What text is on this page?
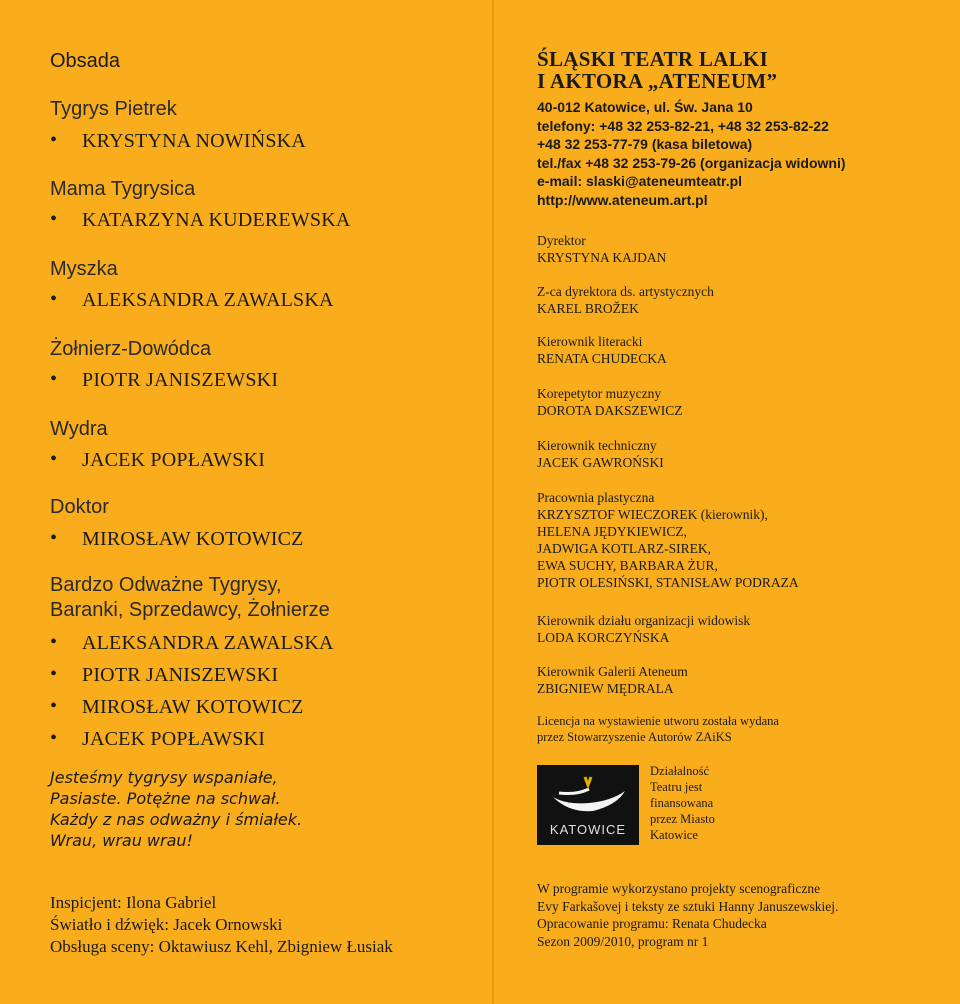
Obsada
Tygrys Pietrek
• KRYSTYNA NOWIŃSKA
Mama Tygrysica
• KATARZYNA KUDEREWSKA
Myszka
• ALEKSANDRA ZAWALSKA
Żołnierz-Dowódca
• PIOTR JANISZEWSKI
Wydra
• JACEK POPŁAWSKI
Doktor
• MIROSŁAW KOTOWICZ
Bardzo Odważne Tygrysy,
Baranki, Sprzedawcy, Żołnierze
• ALEKSANDRA ZAWALSKA
• PIOTR JANISZEWSKI
• MIROSŁAW KOTOWICZ
• JACEK POPŁAWSKI
Jesteśmy tygrysy wspaniałe,
Pasiaste. Potężne na schwał.
Każdy z nas odważny i śmiałek.
Wrau, wrau wrau!
Inspicjent: Ilona Gabriel
Światło i dźwięk: Jacek Ornowski
Obsługa sceny: Oktawiusz Kehl, Zbigniew Łusiak
ŚLĄSKI TEATR LALKI
I AKTORA „ATENEUM”
40-012 Katowice, ul. Św. Jana 10
telefony: +48 32 253-82-21, +48 32 253-82-22
+48 32 253-77-79 (kasa biletowa)
tel./fax +48 32 253-79-26 (organizacja widowni)
e-mail: slaski@ateneumteatr.pl
http://www.ateneum.art.pl
Dyrektor
KRYSTYNA KAJDAN
Z-ca dyrektora ds. artystycznych
KAREL BROŽEK
Kierownik literacki
RENATA CHUDECKA
Korepetytor muzyczny
DOROTA DAKSZEWICZ
Kierownik techniczny
JACEK GAWROŃSKI
Pracownia plastyczna
KRZYSZTOF WIECZOREK (kierownik),
HELENA JĘDYKIEWICZ,
JADWIGA KOTLARZ-SIREK,
EWA SUCHY, BARBARA ŻUR,
PIOTR OLESIŃSKI, STANISŁAW PODRAZA
Kierownik działu organizacji widowisk
LODA KORCZYŃSKA
Kierownik Galerii Ateneum
ZBIGNIEW MĘDRALA
Licencja na wystawienie utworu została wydana
przez Stowarzyszenie Autorów ZAiKS
KATOWICE
Działalność
Teatru jest
finansowana
przez Miasto
Katowice
W programie wykorzystano projekty scenograficzne
Evy Farkašovej i teksty ze sztuki Hanny Januszewskiej.
Opracowanie programu: Renata Chudecka
Sezon 2009/2010, program nr 1
